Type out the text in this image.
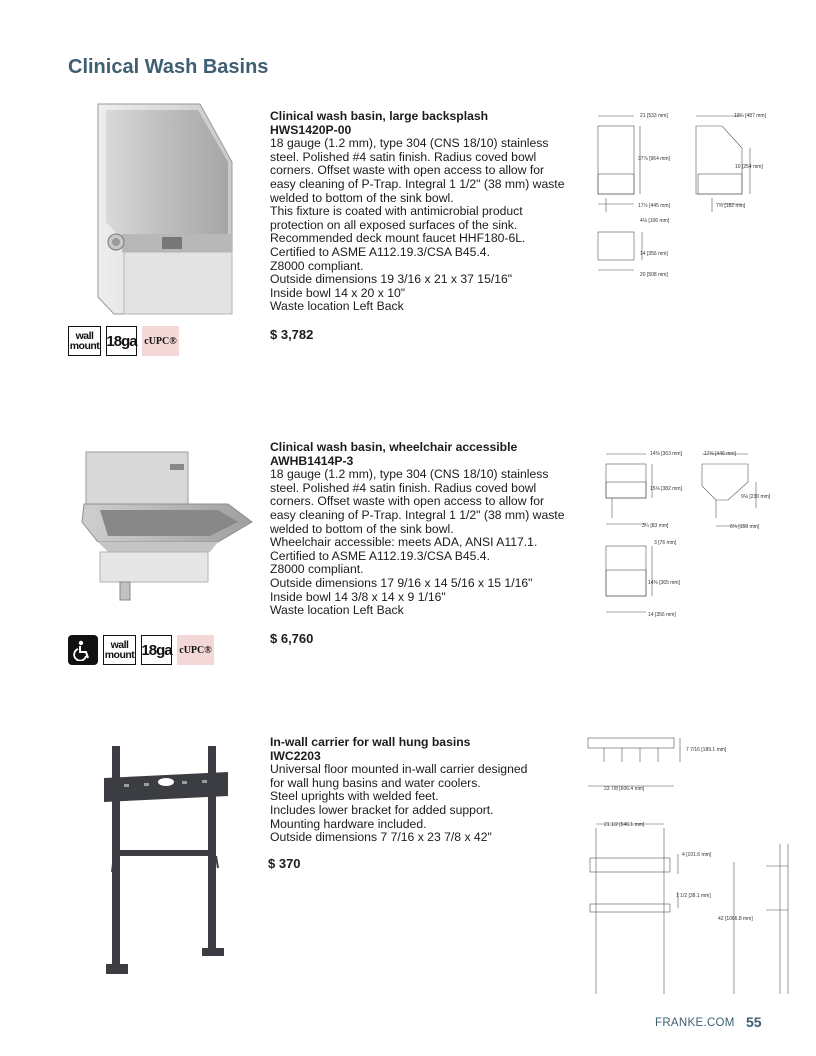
Clinical Wash Basins
Clinical wash basin, large backsplash
HWS1420P-00
18 gauge (1.2 mm), type 304 (CNS 18/10) stainless
steel. Polished #4 satin finish. Radius coved bowl
corners. Offset waste with open access to allow for
easy cleaning of P-Trap. Integral 1 1/2" (38 mm) waste
welded to bottom of the sink bowl.
This fixture is coated with antimicrobial product
protection on all exposed surfaces of the sink.
Recommended deck mount faucet HHF180-6L.
Certified to ASME A112.19.3/CSA B45.4.
Z8000 compliant.
Outside dimensions 19 3/16 x 21 x 37 15/16"
Inside bowl 14 x 20 x 10"
Waste location Left Back
$ 3,782
wall mount 18ga cUPC®
21 [533 mm]	19¾ [487 mm]
37⅞ [964 mm]
10 [254 mm]
17½ [445 mm]	7¼ [182 mm]
4⅛ [106 mm]
14 [356 mm]
20 [508 mm]
Clinical wash basin, wheelchair accessible
AWHB1414P-3
18 gauge (1.2 mm), type 304 (CNS 18/10) stainless
steel. Polished #4 satin finish. Radius coved bowl
corners. Offset waste with open access to allow for
easy cleaning of P-Trap. Integral 1 1/2" (38 mm) waste
welded to bottom of the sink bowl.
Wheelchair accessible: meets ADA, ANSI A117.1.
Certified to ASME A112.19.3/CSA B45.4.
Z8000 compliant.
Outside dimensions 17 9/16 x 14 5/16 x 15 1/16"
Inside bowl 14 3/8 x 14 x 9 1/16"
Waste location Left Back
$ 6,760
wall mount 18ga cUPC®
14⅜ [363 mm]	17⅝ [446 mm]
15⅛ [382 mm]
9⅛ [230 mm]
3¼ [83 mm]	6¼ [159 mm]
3 [76 mm]
14⅜ [365 mm]
14 [356 mm]
In-wall carrier for wall hung basins
IWC2203
Universal floor mounted in-wall carrier designed
for wall hung basins and water coolers.
Steel uprights with welded feet.
Includes lower bracket for added support.
Mounting hardware included.
Outside dimensions 7 7/16 x 23 7/8 x 42"
$ 370
7 7/16 [189.1 mm]
23 7/8 [606.4 mm]
21 1/2 [546.1 mm]
4 [101.6 mm]
1 1/2 [38.1 mm]
42 [1066.8 mm]
FRANKE.COM 55
